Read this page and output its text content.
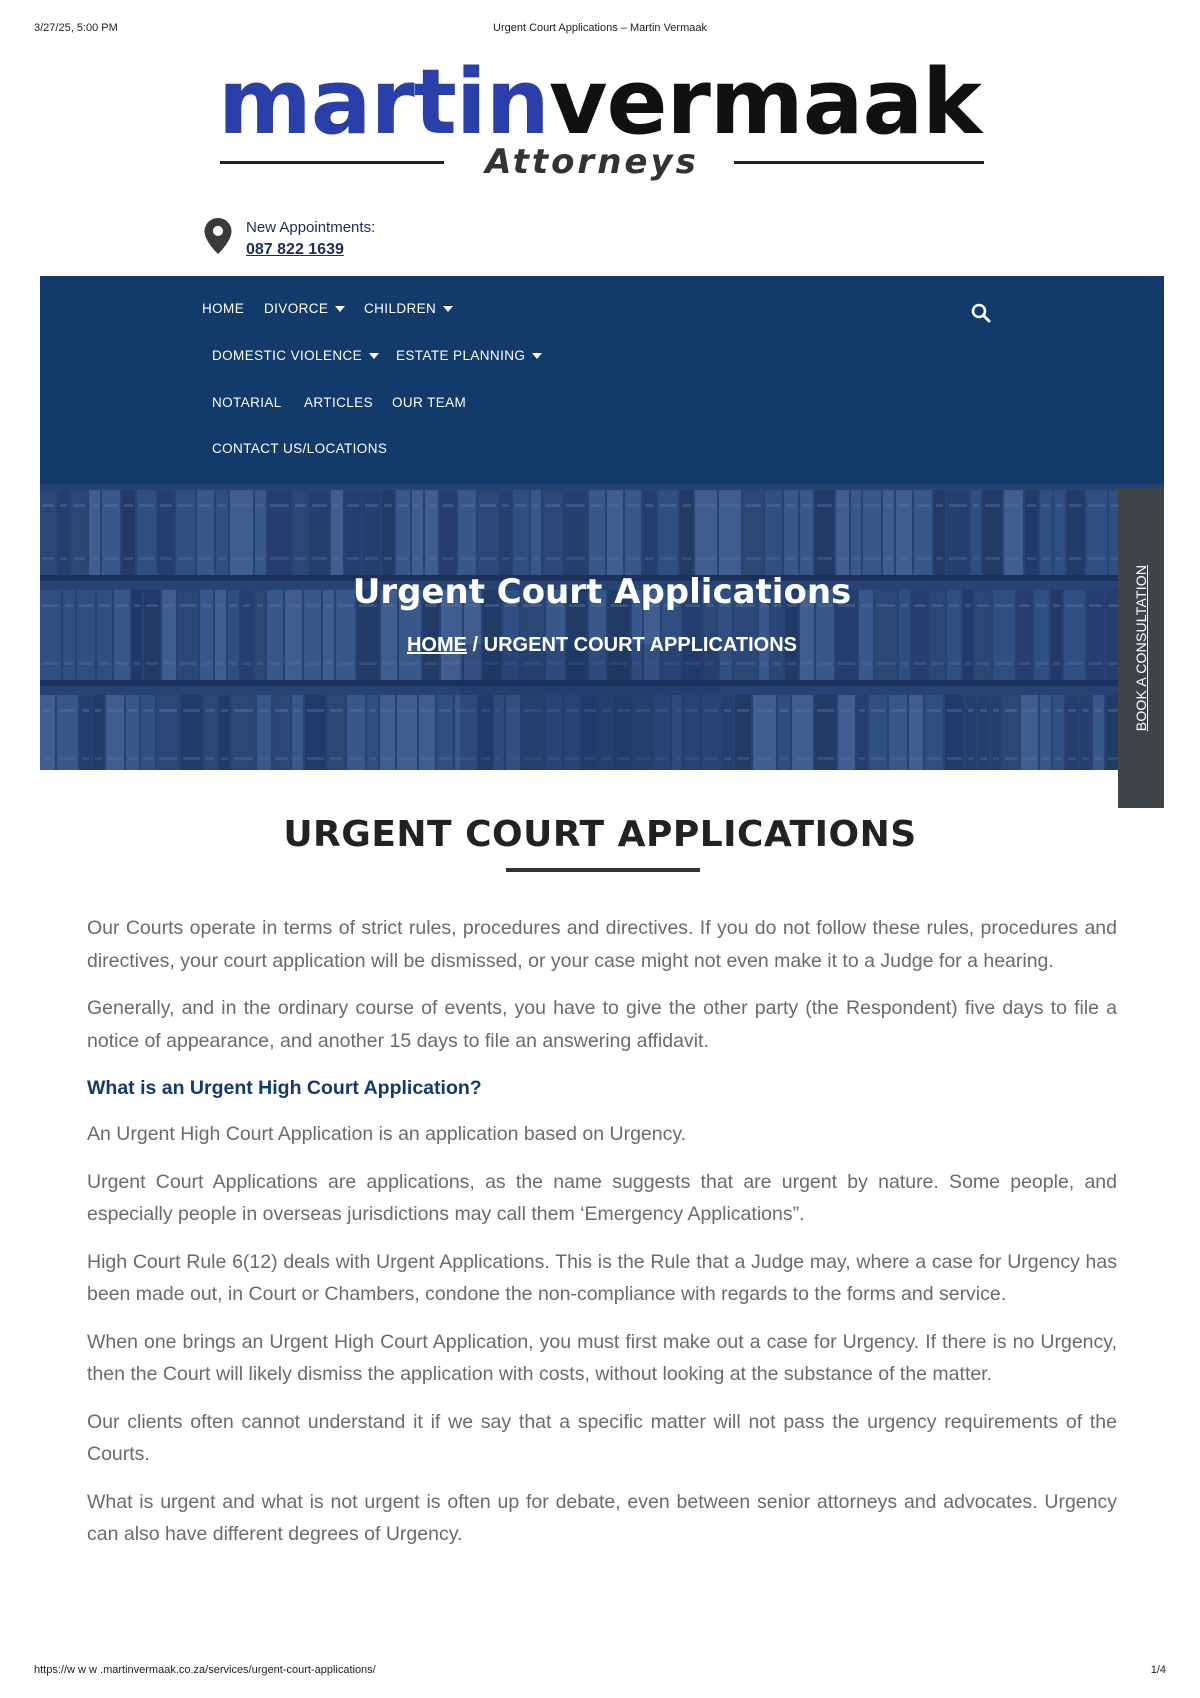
3/27/25, 5:00 PM	Urgent Court Applications – Martin Vermaak
martinvermaak
Attorneys
New Appointments:
087 822 1639
HOME DIVORCE	CHILDREN
DOMESTIC VIOLENCE	ESTATE PLANNING
NOTARIAL ARTICLES OUR TEAM
CONTACT US/LOCATIONS
Urgent Court Applications
HOME / URGENT COURT APPLICATIONS	BOOK A CONSULTATION
URGENT COURT APPLICATIONS

Our Courts operate in terms of strict rules, procedures and directives. If you do not follow these rules, procedures and directives, your court application will be dismissed, or your case might not even make it to a Judge for a hearing.

Generally, and in the ordinary course of events, you have to give the other party (the Respondent) five days to file a notice of appearance, and another 15 days to file an answering affidavit.

What is an Urgent High Court Application?

An Urgent High Court Application is an application based on Urgency.

Urgent Court Applications are applications, as the name suggests that are urgent by nature. Some people, and especially people in overseas jurisdictions may call them ‘Emergency Applications”.

High Court Rule 6(12) deals with Urgent Applications. This is the Rule that a Judge may, where a case for Urgency has been made out, in Court or Chambers, condone the non-compliance with regards to the forms and service.

When one brings an Urgent High Court Application, you must first make out a case for Urgency. If there is no Urgency, then the Court will likely dismiss the application with costs, without looking at the substance of the matter.

Our clients often cannot understand it if we say that a specific matter will not pass the urgency requirements of the Courts.

What is urgent and what is not urgent is often up for debate, even between senior attorneys and advocates. Urgency can also have different degrees of Urgency.

https://w w w .martinvermaak.co.za/services/urgent-court-applications/	1/4
